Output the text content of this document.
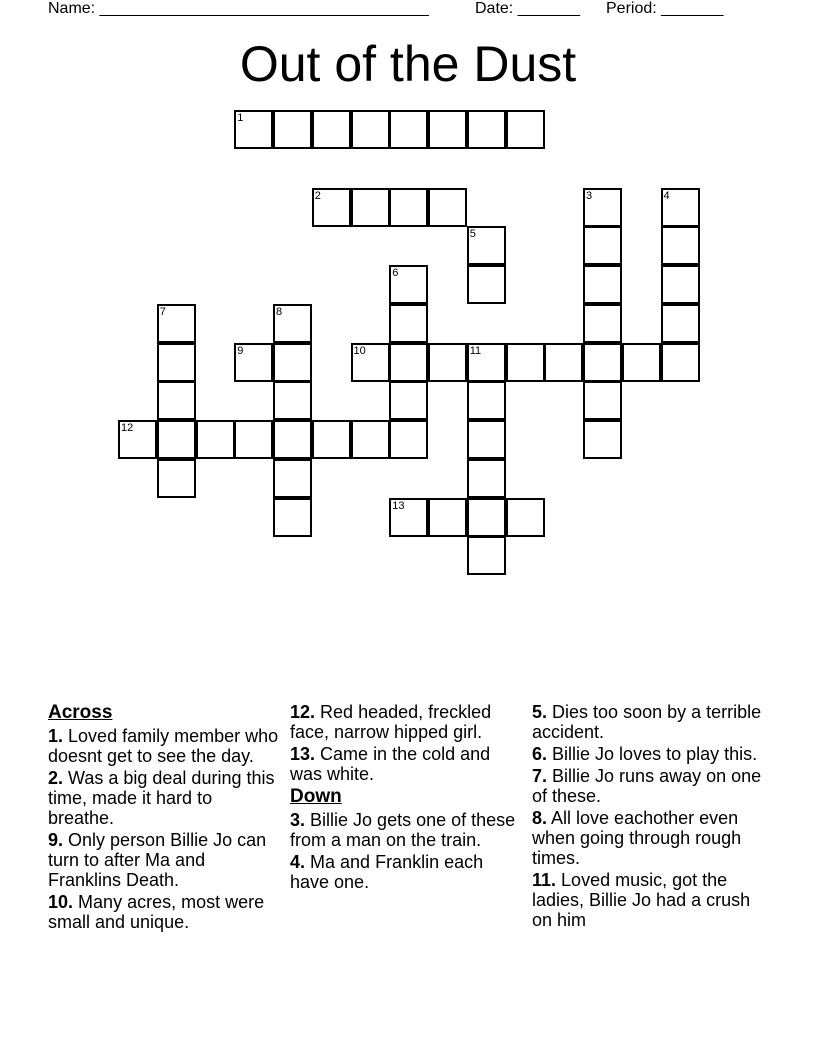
Name: _____________________________________	Date: _______ Period: _______
Out of the Dust
1
2	3	4
5
6
7	8
9	10	11
12
13
Across
1. Loved family member who doesnt get to see the day.
2. Was a big deal during this time, made it hard to breathe.
9. Only person Billie Jo can turn to after Ma and Franklins Death.
10. Many acres, most were small and unique.
12. Red headed, freckled face, narrow hipped girl.
13. Came in the cold and was white.
Down
3. Billie Jo gets one of these from a man on the train.
4. Ma and Franklin each have one.
5. Dies too soon by a terrible accident.
6. Billie Jo loves to play this.
7. Billie Jo runs away on one of these.
8. All love eachother even when going through rough times.
11. Loved music, got the ladies, Billie Jo had a crush on him
